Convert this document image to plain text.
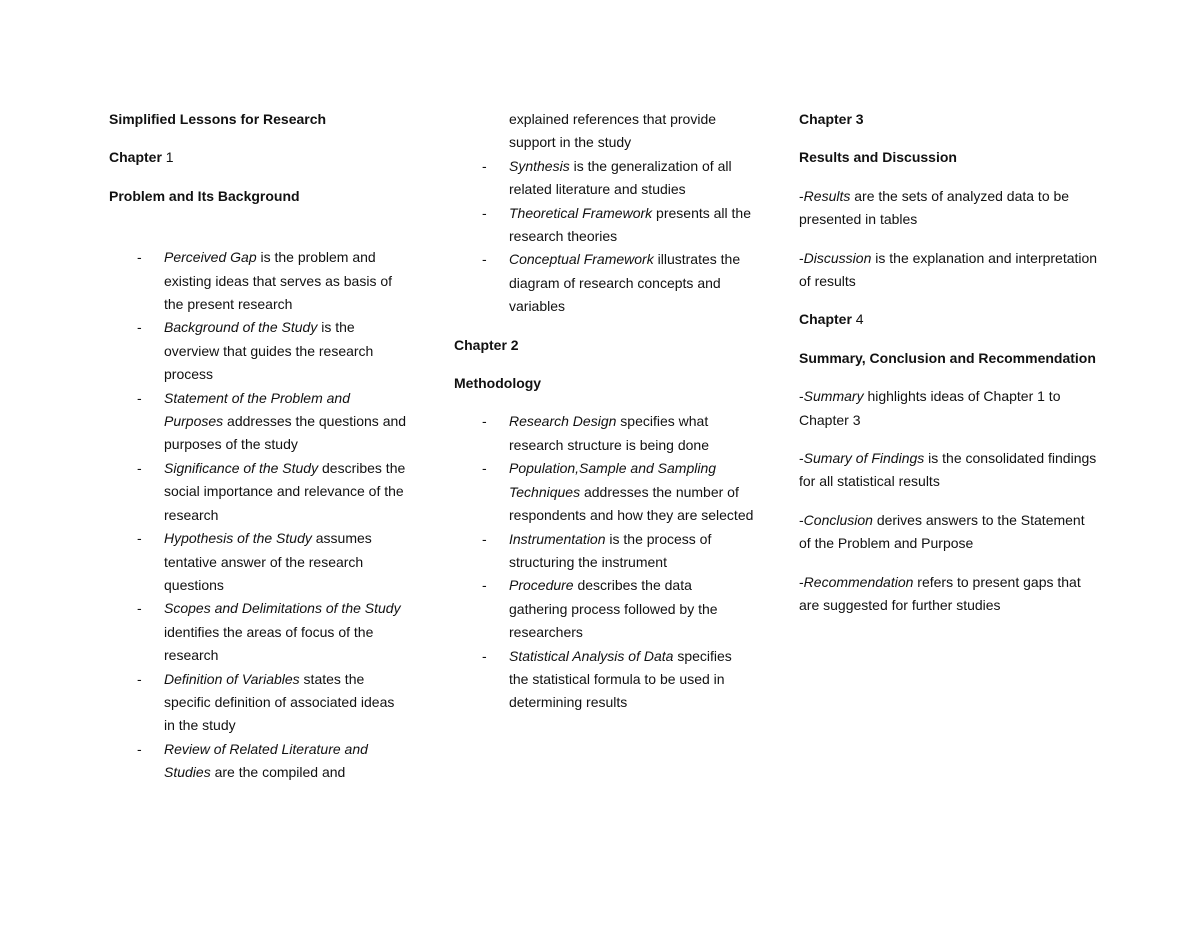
Simplified Lessons for Research

Chapter 1

Problem and Its Background

- Perceived Gap is the problem and existing ideas that serves as basis of the present research
- Background of the Study is the overview that guides the research process
- Statement of the Problem and Purposes addresses the questions and purposes of the study
- Significance of the Study describes the social importance and relevance of the research
- Hypothesis of the Study assumes tentative answer of the research questions
- Scopes and Delimitations of the Study identifies the areas of focus of the research
- Definition of Variables states the specific definition of associated ideas in the study
- Review of Related Literature and Studies are the compiled and
explained references that provide support in the study
- Synthesis is the generalization of all related literature and studies
- Theoretical Framework presents all the research theories
- Conceptual Framework illustrates the diagram of research concepts and variables

Chapter 2

Methodology

- Research Design specifies what research structure is being done
- Population,Sample and Sampling Techniques addresses the number of respondents and how they are selected
- Instrumentation is the process of structuring the instrument
- Procedure describes the data gathering process followed by the researchers
- Statistical Analysis of Data specifies the statistical formula to be used in determining results

Chapter 3

Results and Discussion

-Results are the sets of analyzed data to be presented in tables

-Discussion is the explanation and interpretation of results

Chapter 4

Summary, Conclusion and Recommendation

-Summary highlights ideas of Chapter 1 to Chapter 3

-Sumary of Findings is the consolidated findings for all statistical results

-Conclusion derives answers to the Statement of the Problem and Purpose

-Recommendation refers to present gaps that are suggested for further studies
